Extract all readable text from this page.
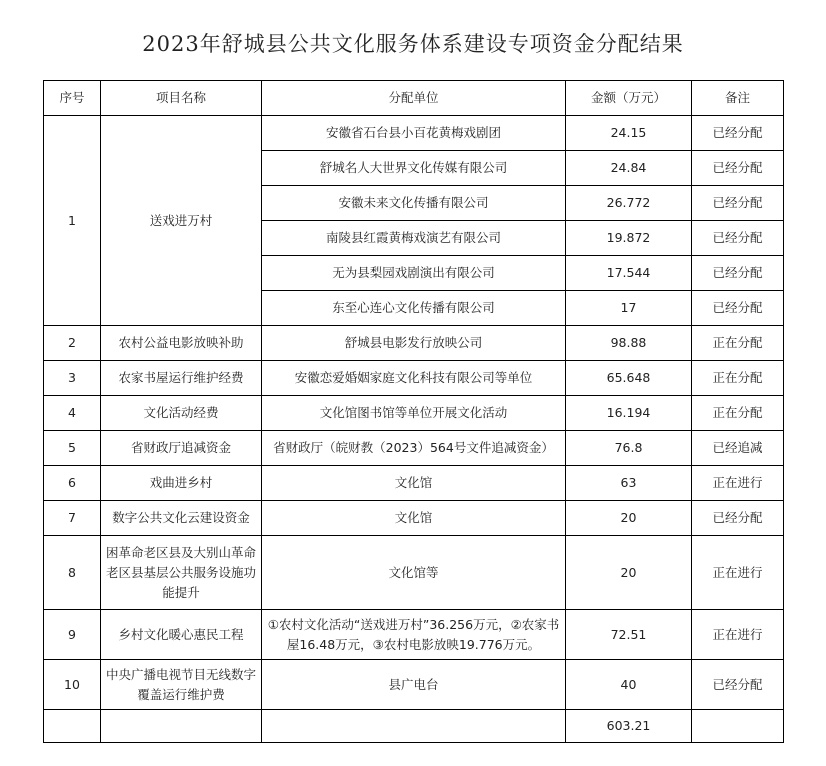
2023年舒城县公共文化服务体系建设专项资金分配结果
序号	项目名称	分配单位	金额（万元）	备注
1	送戏进万村	安徽省石台县小百花黄梅戏剧团	24.15	已经分配
		舒城名人大世界文化传媒有限公司	24.84	已经分配
		安徽未来文化传播有限公司	26.772	已经分配
		南陵县红霞黄梅戏演艺有限公司	19.872	已经分配
		无为县梨园戏剧演出有限公司	17.544	已经分配
		东至心连心文化传播有限公司	17	已经分配
2	农村公益电影放映补助	舒城县电影发行放映公司	98.88	正在分配
3	农家书屋运行维护经费	安徽恋爱婚姻家庭文化科技有限公司等单位	65.648	正在分配
4	文化活动经费	文化馆图书馆等单位开展文化活动	16.194	正在分配
5	省财政厅追减资金	省财政厅（皖财教（2023）564号文件追减资金）	76.8	已经追减
6	戏曲进乡村	文化馆	63	正在进行
7	数字公共文化云建设资金	文化馆	20	已经分配
8	困革命老区县及大别山革命老区县基层公共服务设施功能提升	文化馆等	20	正在进行
9	乡村文化暖心惠民工程	①农村文化活动“送戏进万村”36.256万元，②农家书屋16.48万元，③农村电影放映19.776万元。	72.51	正在进行
10	中央广播电视节目无线数字覆盖运行维护费	县广电台	40	已经分配
			603.21	
